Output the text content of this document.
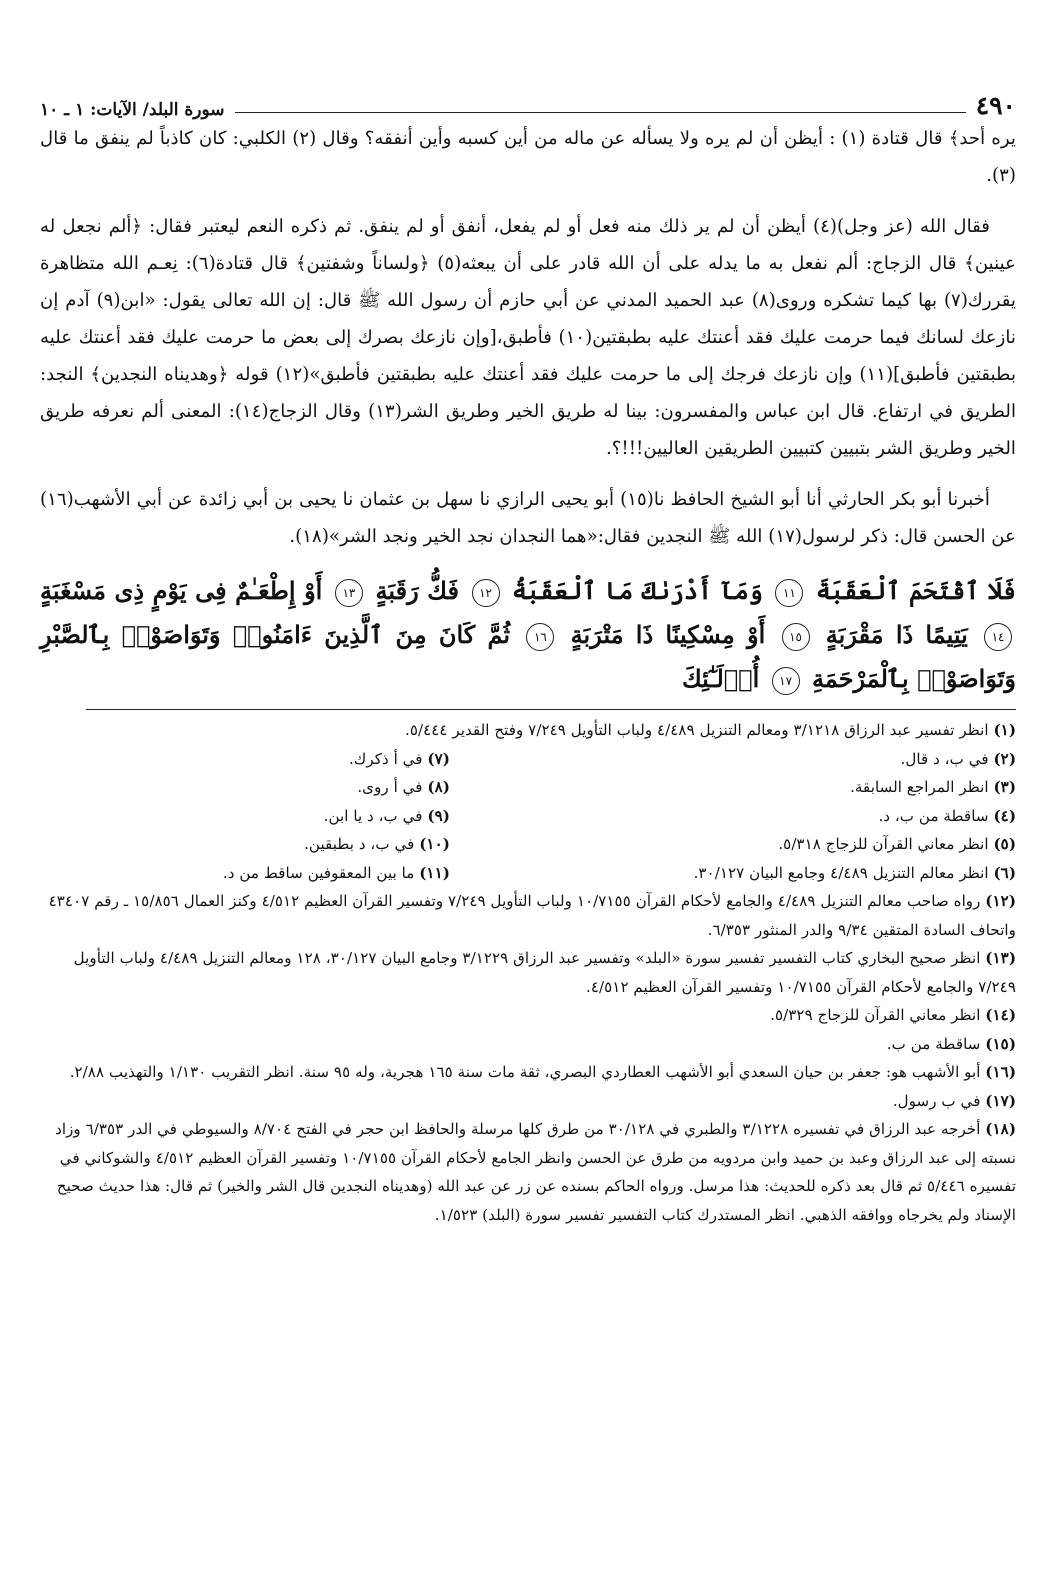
٤٩٠
سورة البلد/ الآيات: ١ ـ ١٠

يره أحد﴾ قال قتادة (١) : أيظن أن لم يره ولا يسأله عن ماله من أين كسبه وأين أنفقه؟ وقال (٢) الكلبي: كان كاذباً لم ينفق ما قال (٣).

فقال الله (عز وجل)(٤) أيظن أن لم ير ذلك منه فعل أو لم يفعل، أنفق أو لم ينفق. ثم ذكره النعم ليعتبر فقال: ﴿ألم نجعل له عينين﴾ قال الزجاج: ألم نفعل به ما يدله على أن الله قادر على أن يبعثه(٥) ﴿ولساناً وشفتين﴾ قال قتادة(٦): نِعـم الله متظاهرة يقررك(٧) بها كيما تشكره وروى(٨) عبد الحميد المدني عن أبي حازم أن رسول الله ﷺ قال: إن الله تعالى يقول: «ابن(٩) آدم إن نازعك لسانك فيما حرمت عليك فقد أعنتك عليه بطبقتين(١٠) فأطبق،[وإن نازعك بصرك إلى بعض ما حرمت عليك فقد أعنتك عليه بطبقتين فأطبق](١١) وإن نازعك فرجك إلى ما حرمت عليك فقد أعنتك عليه بطبقتين فأطبق»(١٢) قوله ﴿وهديناه النجدين﴾ النجد: الطريق في ارتفاع. قال ابن عباس والمفسرون: بينا له طريق الخير وطريق الشر(١٣) وقال الزجاج(١٤): المعنى ألم نعرفه طريق الخير وطريق الشر بتبيين كتبيين الطريقين العاليين!!!؟.

أخبرنا أبو بكر الحارثي أنا أبو الشيخ الحافظ نا(١٥) أبو يحيى الرازي نا سهل بن عثمان نا يحيى بن أبي زائدة عن أبي الأشهب(١٦) عن الحسن قال: ذكر لرسول(١٧) الله ﷺ النجدين فقال:«هما النجدان نجد الخير ونجد الشر»(١٨).

فَلَا ٱقْتَحَمَ ٱلْعَقَبَةَ ١١ وَمَآ أَدْرَىٰكَ مَا ٱلْعَقَبَةُ ١٢ فَكُّ رَقَبَةٍ ١٣ أَوْ إِطْعَـٰمٌ فِى يَوْمٍ ذِى مَسْغَبَةٍ ١٤ يَتِيمًا ذَا مَقْرَبَةٍ ١٥ أَوْ مِسْكِينًا ذَا مَتْرَبَةٍ ١٦ ثُمَّ كَانَ مِنَ ٱلَّذِينَ ءَامَنُوا۟ وَتَوَاصَوْا۟ بِٱلصَّبْرِ وَتَوَاصَوْا۟ بِٱلْمَرْحَمَةِ ١٧ أُو۟لَـٰٓئِكَ
(١) انظر تفسير عبد الرزاق ٣/١٢١٨ ومعالم التنزيل ٤/٤٨٩ ولباب التأويل ٧/٢٤٩ وفتح القدير ٥/٤٤٤.
(٢) في ب، د قال.
(٣) انظر المراجع السابقة.
(٤) ساقطة من ب، د.
(٥) انظر معاني القرآن للزجاج ٥/٣١٨.
(٦) انظر معالم التنزيل ٤/٤٨٩ وجامع البيان ٣٠/١٢٧.
(٧) في أ ذكرك.
(٨) في أ روى.
(٩) في ب، د يا ابن.
(١٠) في ب، د بطبقين.
(١١) ما بين المعقوفين ساقط من د.
(١٢) رواه صاحب معالم التنزيل ٤/٤٨٩ والجامع لأحكام القرآن ١٠/٧١٥٥ ولباب التأويل ٧/٢٤٩ وتفسير القرآن العظيم ٤/٥١٢ وكنز العمال ١٥/٨٥٦ ـ رقم ٤٣٤٠٧ واتحاف السادة المتقين ٩/٣٤ والدر المنثور ٦/٣٥٣.
(١٣) انظر صحيح البخاري كتاب التفسير تفسير سورة «البلد» وتفسير عبد الرزاق ٣/١٢٢٩ وجامع البيان ٣٠/١٢٧، ١٢٨ ومعالم التنزيل ٤/٤٨٩ ولباب التأويل ٧/٢٤٩ والجامع لأحكام القرآن ١٠/٧١٥٥ وتفسير القرآن العظيم ٤/٥١٢.
(١٤) انظر معاني القرآن للزجاج ٥/٣٢٩.
(١٥) ساقطة من ب.
(١٦) أبو الأشهب هو: جعفر بن حيان السعدي أبو الأشهب العطاردي البصري، ثقة مات سنة ١٦٥ هجرية، وله ٩٥ سنة. انظر التقريب ١/١٣٠ والتهذيب ٢/٨٨.
(١٧) في ب رسول.
(١٨) أخرجه عبد الرزاق في تفسيره ٣/١٢٢٨ والطبري في ٣٠/١٢٨ من طرق كلها مرسلة والحافظ ابن حجر في الفتح ٨/٧٠٤ والسيوطي في الدر ٦/٣٥٣ وزاد نسبته إلى عبد الرزاق وعبد بن حميد وابن مردويه من طرق عن الحسن وانظر الجامع لأحكام القرآن ١٠/٧١٥٥ وتفسير القرآن العظيم ٤/٥١٢ والشوكاني في تفسيره ٥/٤٤٦ ثم قال بعد ذكره للحديث: هذا مرسل. ورواه الحاكم بسنده عن زر عن عبد الله (وهديناه النجدين قال الشر والخير) ثم قال: هذا حديث صحيح الإسناد ولم يخرجاه ووافقه الذهبي. انظر المستدرك كتاب التفسير تفسير سورة (البلد) ١/٥٢٣.
